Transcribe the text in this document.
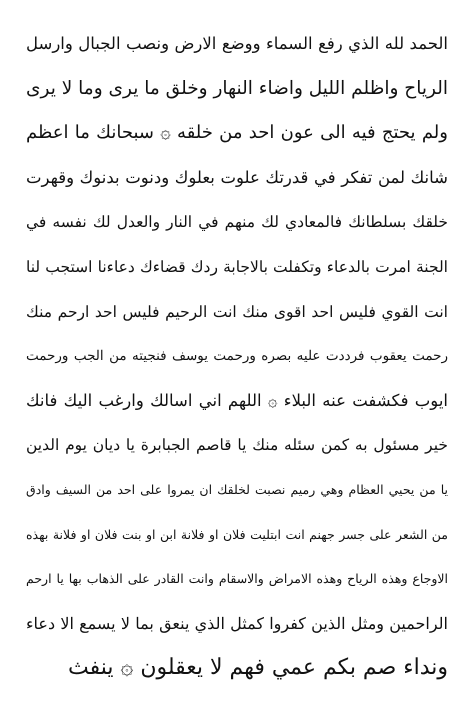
الحمد لله الذي رفع السماء ووضع الارض ونصب الجبال وارسل
الرياح واظلم الليل واضاء النهار وخلق ما يرى وما لا يرى
ولم يحتج فيه الى عون احد من خلقه ۞ سبحانك ما اعظم
شانك لمن تفكر في قدرتك علوت بعلوك ودنوت بدنوك وقهرت
خلقك بسلطانك فالمعادي لك منهم في النار والعدل لك نفسه في
الجنة امرت بالدعاء وتكفلت بالاجابة ردك قضاءك دعاءنا استجب لنا
انت القوي فليس احد اقوى منك انت الرحيم فليس احد ارحم منك
رحمت يعقوب فرددت عليه بصره ورحمت يوسف فنجيته من الجب ورحمت
ايوب فكشفت عنه البلاء ۞ اللهم اني اسالك وارغب اليك فانك
خير مسئول به كمن سئله منك يا قاصم الجبابرة يا ديان يوم الدين
يا من يحيي العظام وهي رميم نصبت لخلقك ان يمروا على احد من السيف وادق
من الشعر على جسر جهنم انت ابتليت فلان او فلانة ابن او بنت فلان او فلانة بهذه
الاوجاع وهذه الرياح وهذه الامراض والاسقام وانت القادر على الذهاب بها يا ارحم
الراحمين ومثل الذين كفروا كمثل الذي ينعق بما لا يسمع الا دعاء
ونداء صم بكم عمي فهم لا يعقلون ۞ ينفث
